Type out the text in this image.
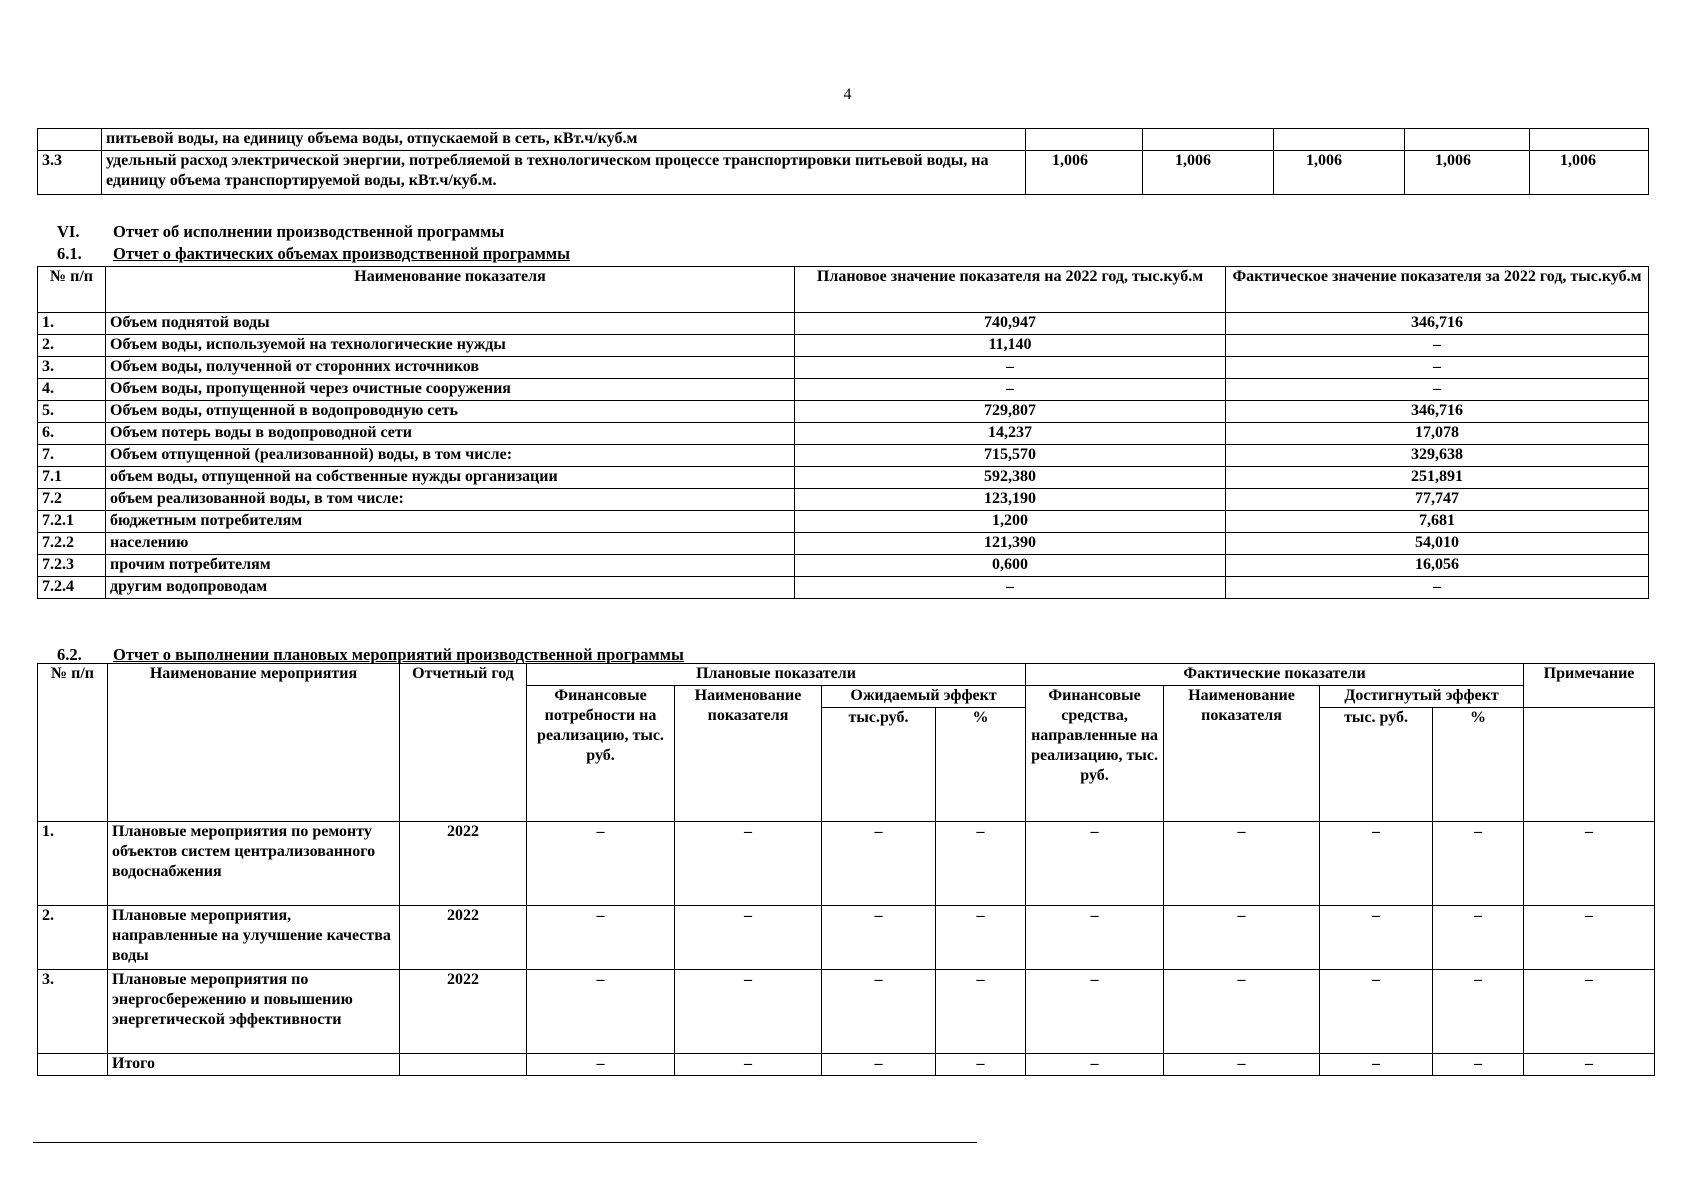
4
	питьевой воды, на единицу объема воды, отпускаемой в сеть, кВт.ч/куб.м					
3.3	удельный расход электрической энергии, потребляемой в технологическом процессе транспортировки питьевой воды, на единицу объема транспортируемой воды, кВт.ч/куб.м.	1,006	1,006	1,006	1,006	1,006
VI. Отчет об исполнении производственной программы
6.1. Отчет о фактических объемах производственной программы
№ п/п	Наименование показателя	Плановое значение показателя на 2022 год, тыс.куб.м	Фактическое значение показателя за 2022 год, тыс.куб.м
1.	Объем поднятой воды	740,947	346,716
2.	Объем воды, используемой на технологические нужды	11,140	–
3.	Объем воды, полученной от сторонних источников	–	–
4.	Объем воды, пропущенной через очистные сооружения	–	–
5.	Объем воды, отпущенной в водопроводную сеть	729,807	346,716
6.	Объем потерь воды в водопроводной сети	14,237	17,078
7.	Объем отпущенной (реализованной) воды, в том числе:	715,570	329,638
7.1	объем воды, отпущенной на собственные нужды организации	592,380	251,891
7.2	объем реализованной воды, в том числе:	123,190	77,747
7.2.1	бюджетным потребителям	1,200	7,681
7.2.2	населению	121,390	54,010
7.2.3	прочим потребителям	0,600	16,056
7.2.4	другим водопроводам	–	–
6.2. Отчет о выполнении плановых мероприятий производственной программы
№ п/п	Наименование мероприятия	Отчетный год	Плановые показатели				Фактические показатели				Примечание
			Финансовые потребности на реализацию, тыс. руб.	Наименование показателя	Ожидаемый эффект		Финансовые средства, направленные на реализацию, тыс. руб.	Наименование показателя	Достигнутый эффект		
					тыс.руб.	%			тыс. руб.	%	
1.	Плановые мероприятия по ремонту объектов систем централизованного водоснабжения	2022	–	–	–	–	–	–	–	–	–
2.	Плановые мероприятия, направленные на улучшение качества воды	2022	–	–	–	–	–	–	–	–	–
3.	Плановые мероприятия по энергосбережению и повышению энергетической эффективности	2022	–	–	–	–	–	–	–	–	–
	Итого		–	–	–	–	–	–	–	–	–
